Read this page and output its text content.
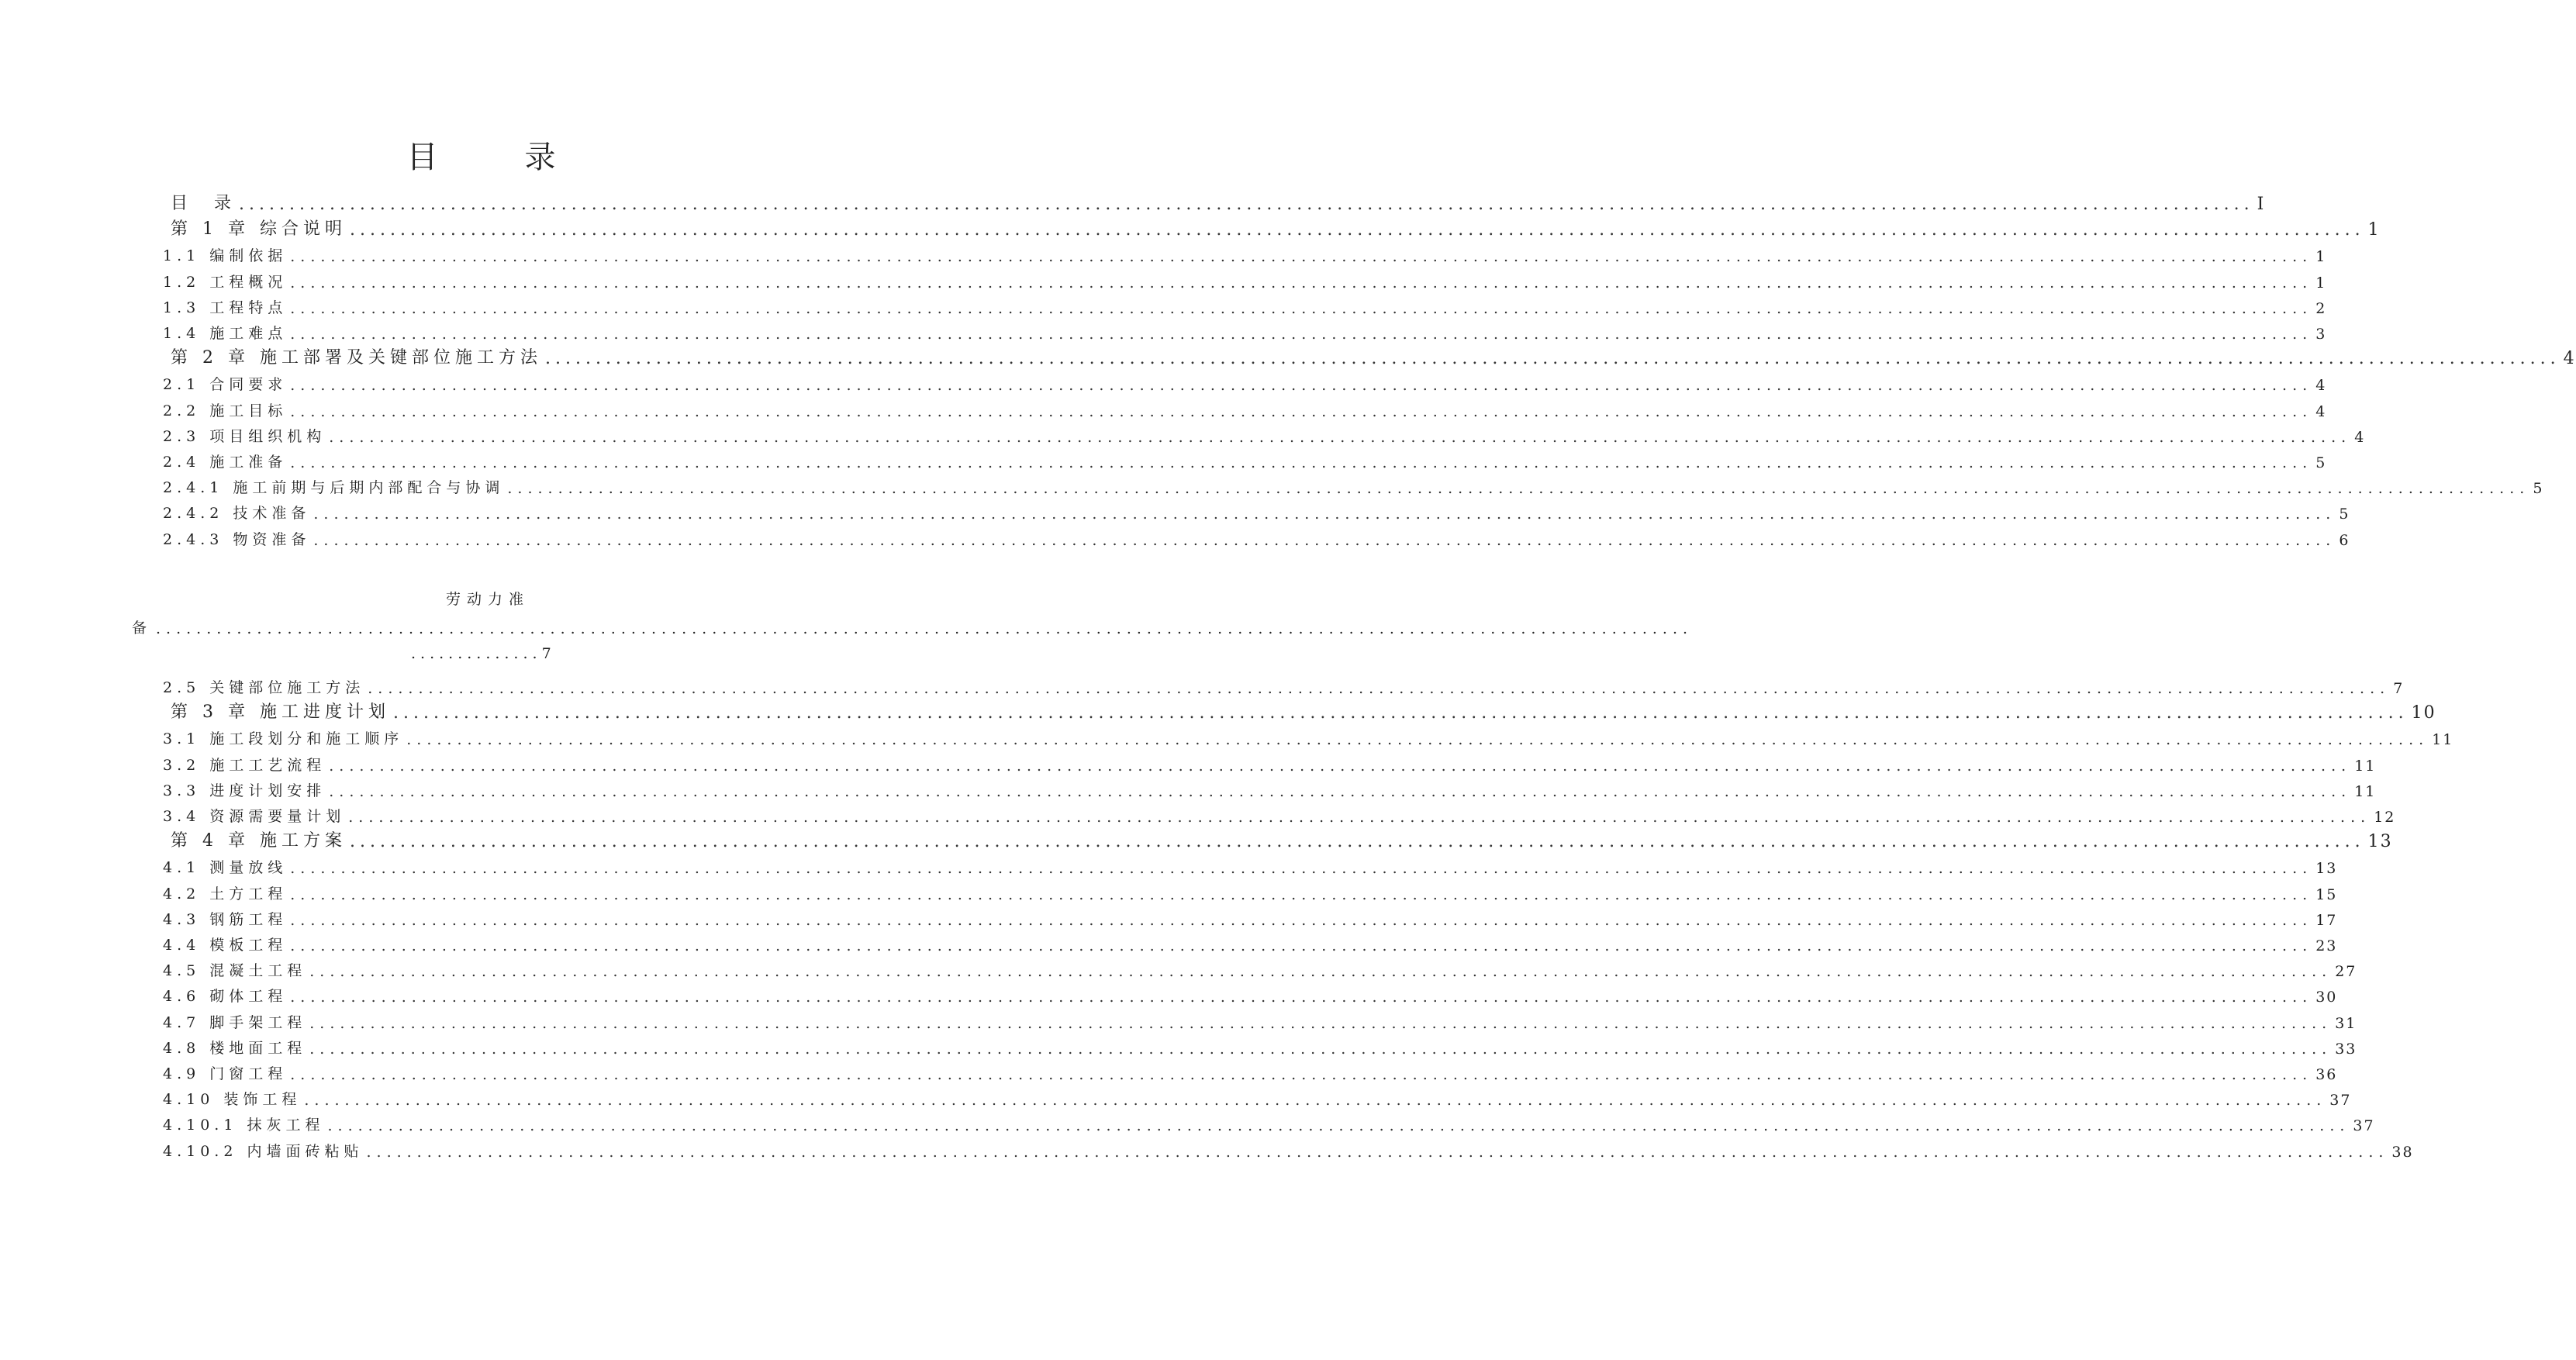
目　录
目　录 ........................................................................................................................................................................................................ I
第 1 章 综合说明 ........................................................................................................................................................................................................ 1
1.1 编制依据 ........................................................................................................................................................................................................ 1
1.2 工程概况 ........................................................................................................................................................................................................ 1
1.3 工程特点 ........................................................................................................................................................................................................ 2
1.4 施工难点 ........................................................................................................................................................................................................ 3
第 2 章 施工部署及关键部位施工方法 ........................................................................................................................................................................................................ 4
2.1 合同要求 ........................................................................................................................................................................................................ 4
2.2 施工目标 ........................................................................................................................................................................................................ 4
2.3 项目组织机构 ........................................................................................................................................................................................................ 4
2.4 施工准备 ........................................................................................................................................................................................................ 5
2.4.1 施工前期与后期内部配合与协调 ........................................................................................................................................................................................................ 5
2.4.2 技术准备 ........................................................................................................................................................................................................ 5
2.4.3 物资准备 ........................................................................................................................................................................................................ 6
劳动力准
备 ........................................................................................................................................................
..............7
2.5 关键部位施工方法 ........................................................................................................................................................................................................ 7
第 3 章 施工进度计划 ........................................................................................................................................................................................................ 10
3.1 施工段划分和施工顺序 ........................................................................................................................................................................................................ 11
3.2 施工工艺流程 ........................................................................................................................................................................................................ 11
3.3 进度计划安排 ........................................................................................................................................................................................................ 11
3.4 资源需要量计划 ........................................................................................................................................................................................................ 12
第 4 章 施工方案 ........................................................................................................................................................................................................ 13
4.1 测量放线 ........................................................................................................................................................................................................ 13
4.2 土方工程 ........................................................................................................................................................................................................ 15
4.3 钢筋工程 ........................................................................................................................................................................................................ 17
4.4 模板工程 ........................................................................................................................................................................................................ 23
4.5 混凝土工程 ........................................................................................................................................................................................................ 27
4.6 砌体工程 ........................................................................................................................................................................................................ 30
4.7 脚手架工程 ........................................................................................................................................................................................................ 31
4.8 楼地面工程 ........................................................................................................................................................................................................ 33
4.9 门窗工程 ........................................................................................................................................................................................................ 36
4.10 装饰工程 ........................................................................................................................................................................................................ 37
4.10.1 抹灰工程 ........................................................................................................................................................................................................ 37
4.10.2 内墙面砖粘贴 ........................................................................................................................................................................................................ 38
